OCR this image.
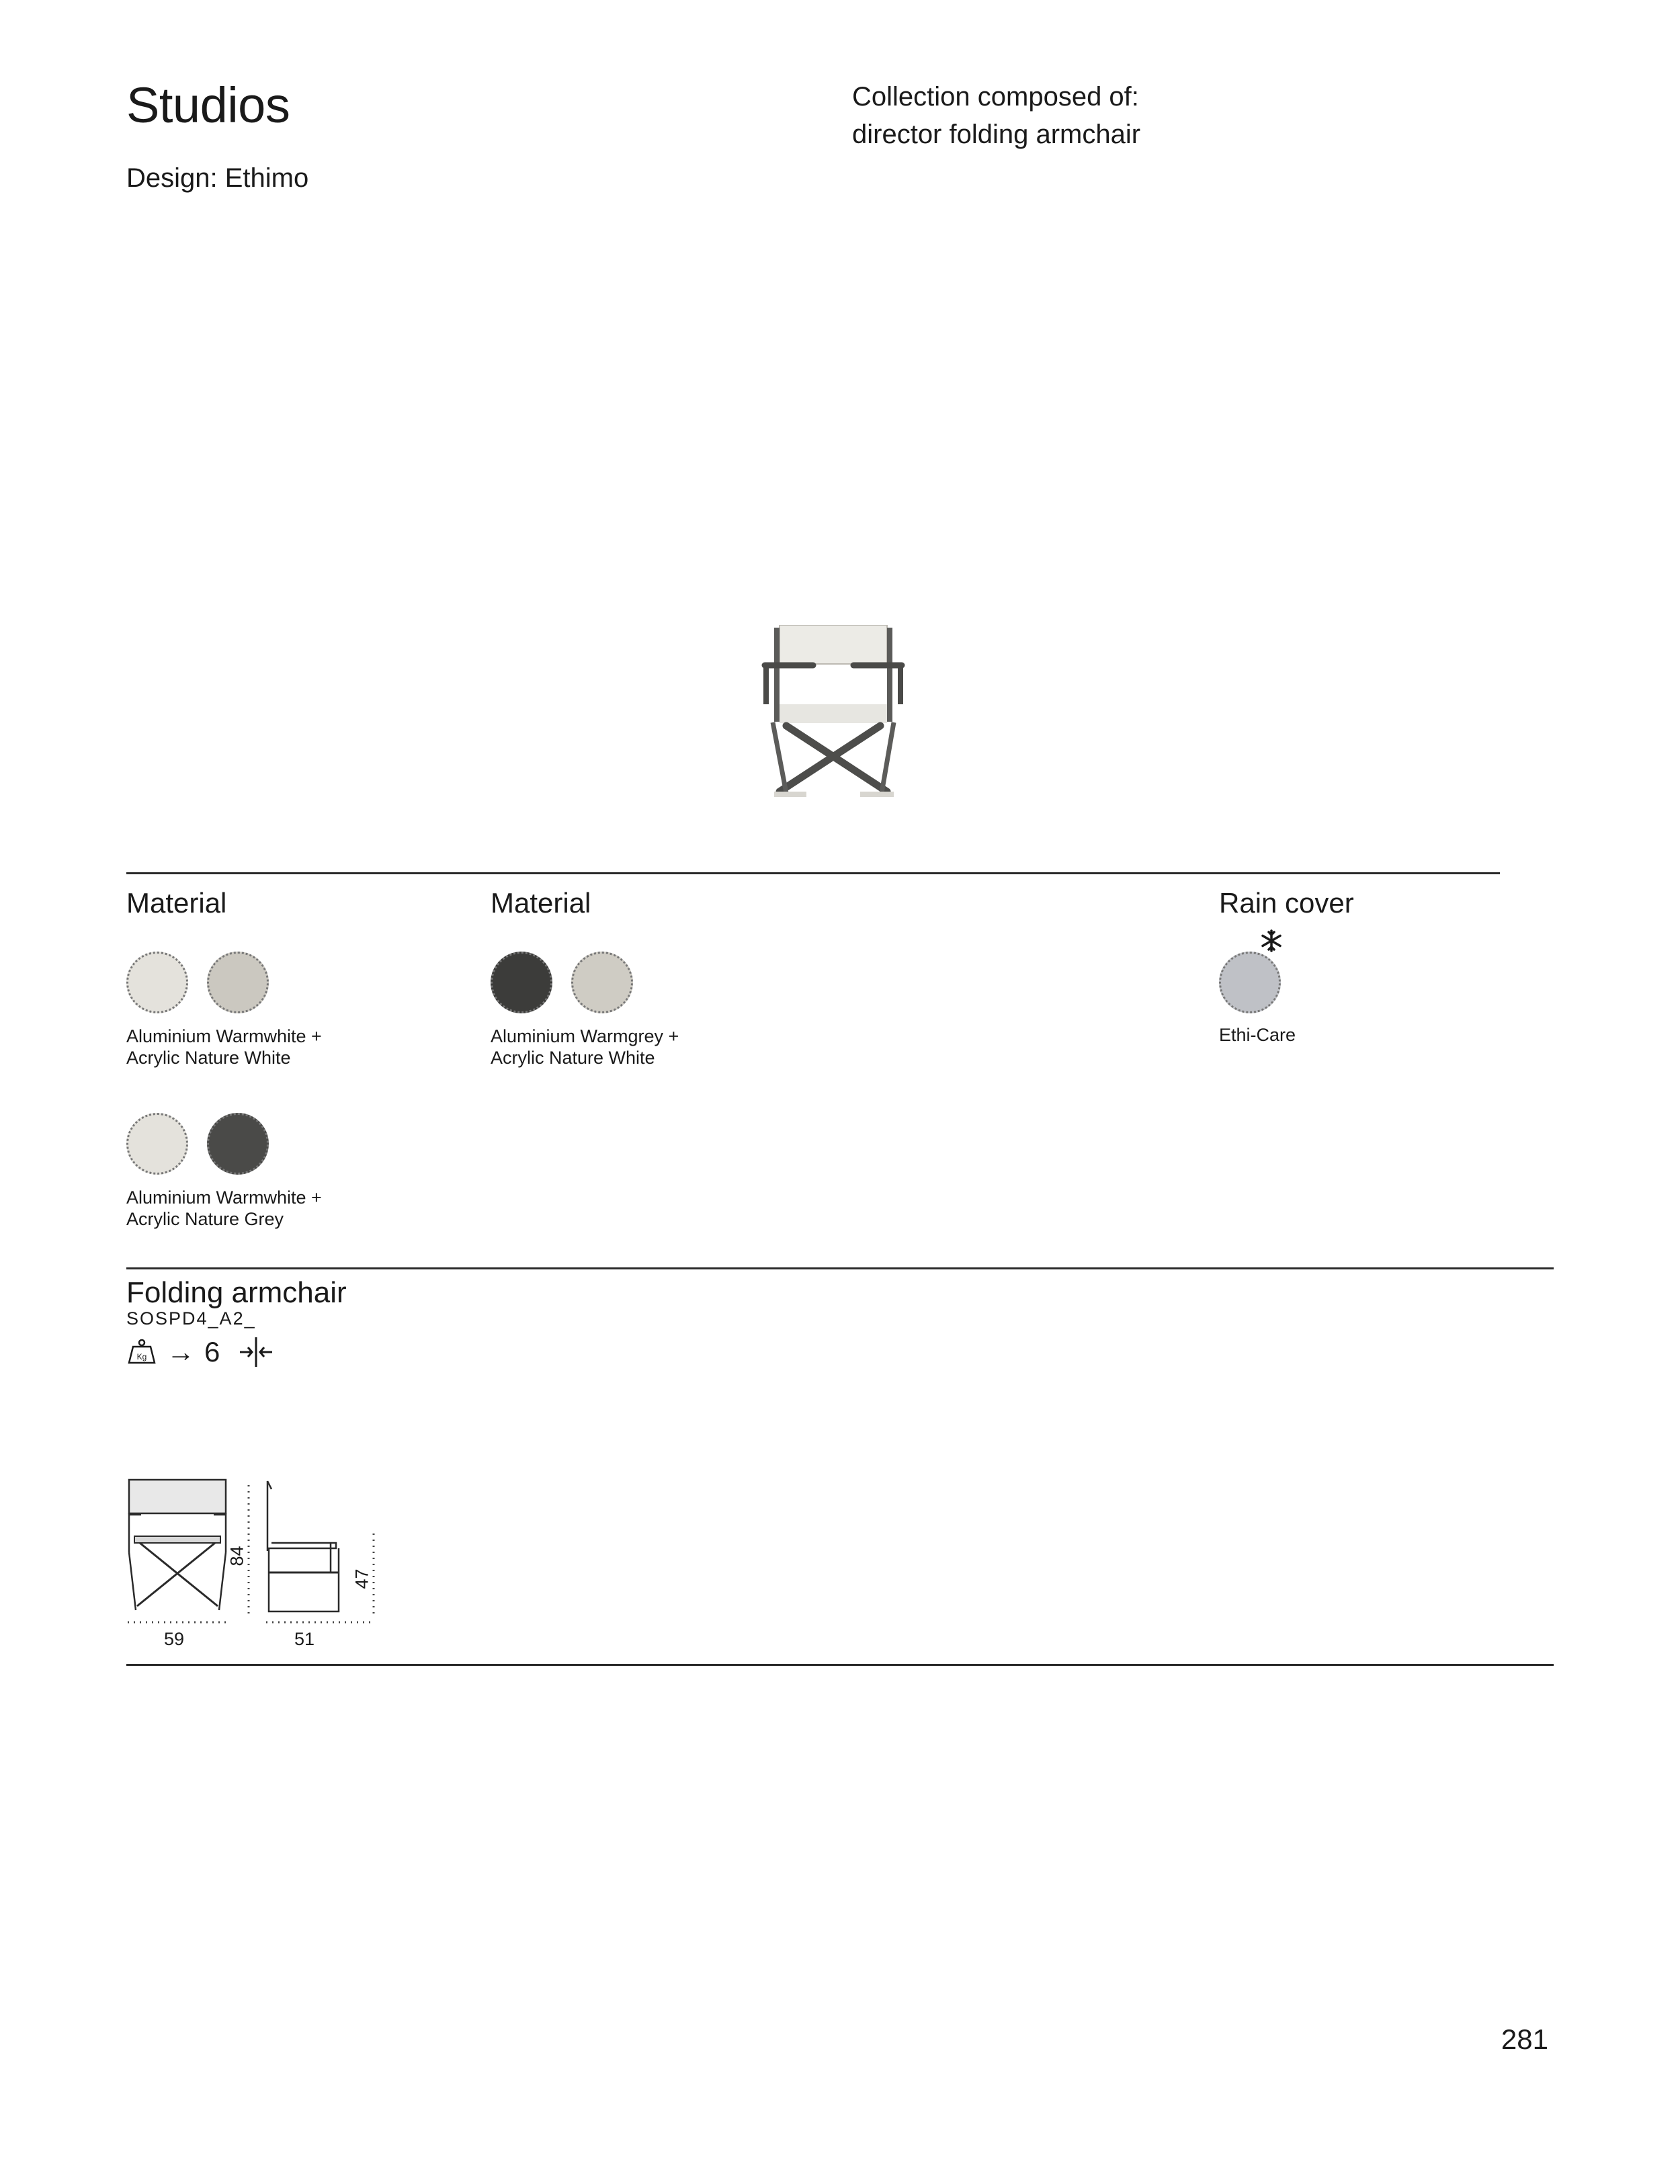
Studios
Design: Ethimo
Collection composed of:
director folding armchair
Material
Aluminium Warmwhite +
Acrylic Nature White
Aluminium Warmwhite +
Acrylic Nature Grey
Material
Aluminium Warmgrey +
Acrylic Nature White
Rain cover
Ethi-Care
Folding armchair
SOSPD4_A2_
Kg → 6
59	51
84
47
281
